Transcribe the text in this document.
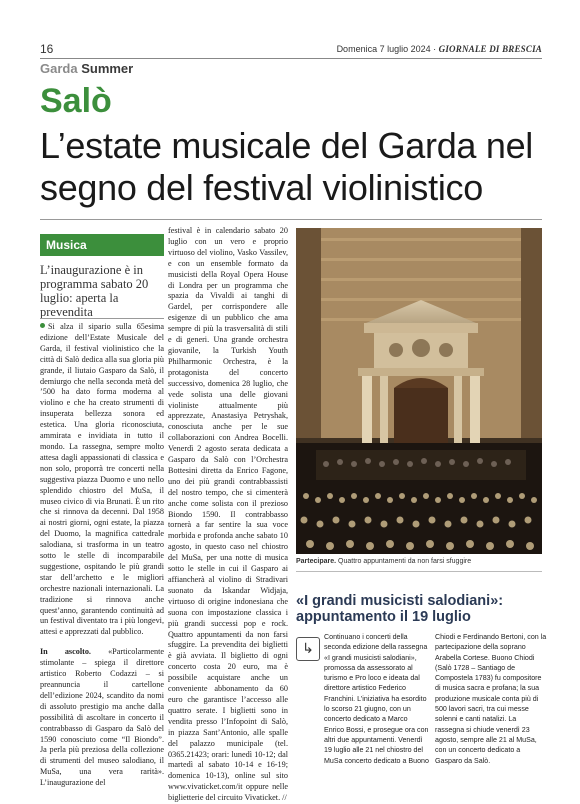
16	Domenica 7 luglio 2024 · GIORNALE DI BRESCIA
Garda Summer
Salò
L’estate musicale del Garda nel segno del festival violinistico
Musica
L’inaugurazione è in programma sabato 20 luglio: aperta la prevendita

Si alza il sipario sulla 65esima edizione dell’Estate Musicale del Garda, il festival violinistico che la città di Salò dedica alla sua gloria più grande, il liutaio Gasparo da Salò, il demiurgo che nella seconda metà del ’500 ha dato forma moderna al violino e che ha creato strumenti di insuperata bellezza sonora ed estetica. Una gloria riconosciuta, ammirata e invidiata in tutto il mondo. La rassegna, sempre molto attesa dagli appassionati di classica e non solo, proporrà tre concerti nella suggestiva piazza Duomo e uno nello splendido chiostro del MuSa, il museo civico di via Brunati. È un rito che si rinnova da decenni. Dal 1958 ai nostri giorni, ogni estate, la piazza del Duomo, la magnifica cattedrale salodiana, si trasforma in un teatro sotto le stelle di incomparabile suggestione, ospitando le più grandi star dell’archetto e le migliori orchestre nazionali internazionali. La tradizione si rinnova anche quest’anno, garantendo continuità ad un festival diventato tra i più longevi, attesi e apprezzati dal pubblico.

In ascolto. «Particolarmente stimolante – spiega il direttore artistico Roberto Codazzi – si preannuncia il cartellone dell’edizione 2024, scandito da nomi di assoluto prestigio ma anche dalla possibilità di ascoltare in concerto il contrabbasso di Gasparo da Salò del 1590 conosciuto come “Il Biondo”. Ja perla più preziosa della collezione di strumenti del museo salodiano, il MuSa, una vera rarità». L’inaugurazione del

festival è in calendario sabato 20 luglio con un vero e proprio virtuoso del violino, Vasko Vassilev, e con un ensemble formato da musicisti della Royal Opera House di Londra per un programma che spazia da Vivaldi ai tanghi di Gardel, per corrispondere alle esigenze di un pubblico che ama sempre di più la trasversalità di stili e di generi. Una grande orchestra giovanile, la Turkish Youth Philharmonic Orchestra, è la protagonista del concerto successivo, domenica 28 luglio, che vede solista una delle giovani violiniste attualmente più apprezzate, Anastasiya Petryshak, conosciuta anche per le sue collaborazioni con Andrea Bocelli. Venerdì 2 agosto serata dedicata a Gasparo da Salò con l’Orchestra Bottesini diretta da Enrico Fagone, uno dei più grandi contrabbassisti del nostro tempo, che si cimenterà anche come solista con il prezioso Biondo 1590. Il contrabbasso tornerà a far sentire la sua voce morbida e profonda anche sabato 10 agosto, in questo caso nel chiostro del MuSa, per una notte di musica sotto le stelle in cui il Gasparo ai affiancherà al violino di Stradivari suonato da Iskandar Widjaja, virtuoso di origine indonesiana che suona con impostazione classica i più grandi successi pop e rock. Quattro appuntamenti da non farsi sfuggire. La prevendita dei biglietti è già avviata. Il biglietto di ogni concerto costa 20 euro, ma è possibile acquistare anche un conveniente abbonamento da 60 euro che garantisce l’accesso alle quattro serate. I biglietti sono in vendita presso l’Infopoint di Salò, in piazza Sant’Antonio, alle spalle del palazzo municipale (tel. 0365.21423; orari: lunedì 10-12; dal martedì al sabato 10-14 e 16-19; domenica 10-13), online sul sito www.vivaticket.com/it oppure nelle biglietterie del circuito Vivaticket. //

Partecipare. Quattro appuntamenti da non farsi sfuggire
«I grandi musicisti salodiani»: appuntamento il 19 luglio
↳

Continuano i concerti della seconda edizione della rassegna «I grandi musicisti salodiani», promossa da assessorato al turismo e Pro loco e ideata dal direttore artistico Federico Franchini. L’iniziativa ha esordito lo scorso 21 giugno, con un concerto dedicato a Marco Enrico Bossi, e prosegue ora con altri due appuntamenti. Venerdì 19 luglio alle 21 nel chiostro del MuSa concerto dedicato a Buono

Chiodi e Ferdinando Bertoni, con la partecipazione della soprano Arabella Cortese. Buono Chiodi (Salò 1728 – Santiago de Compostela 1783) fu compositore di musica sacra e profana; la sua produzione musicale conta più di 500 lavori sacri, tra cui messe solenni e canti natalizi. La rassegna si chiude venerdì 23 agosto, sempre alle 21 al MuSa, con un concerto dedicato a Gasparo da Salò.
